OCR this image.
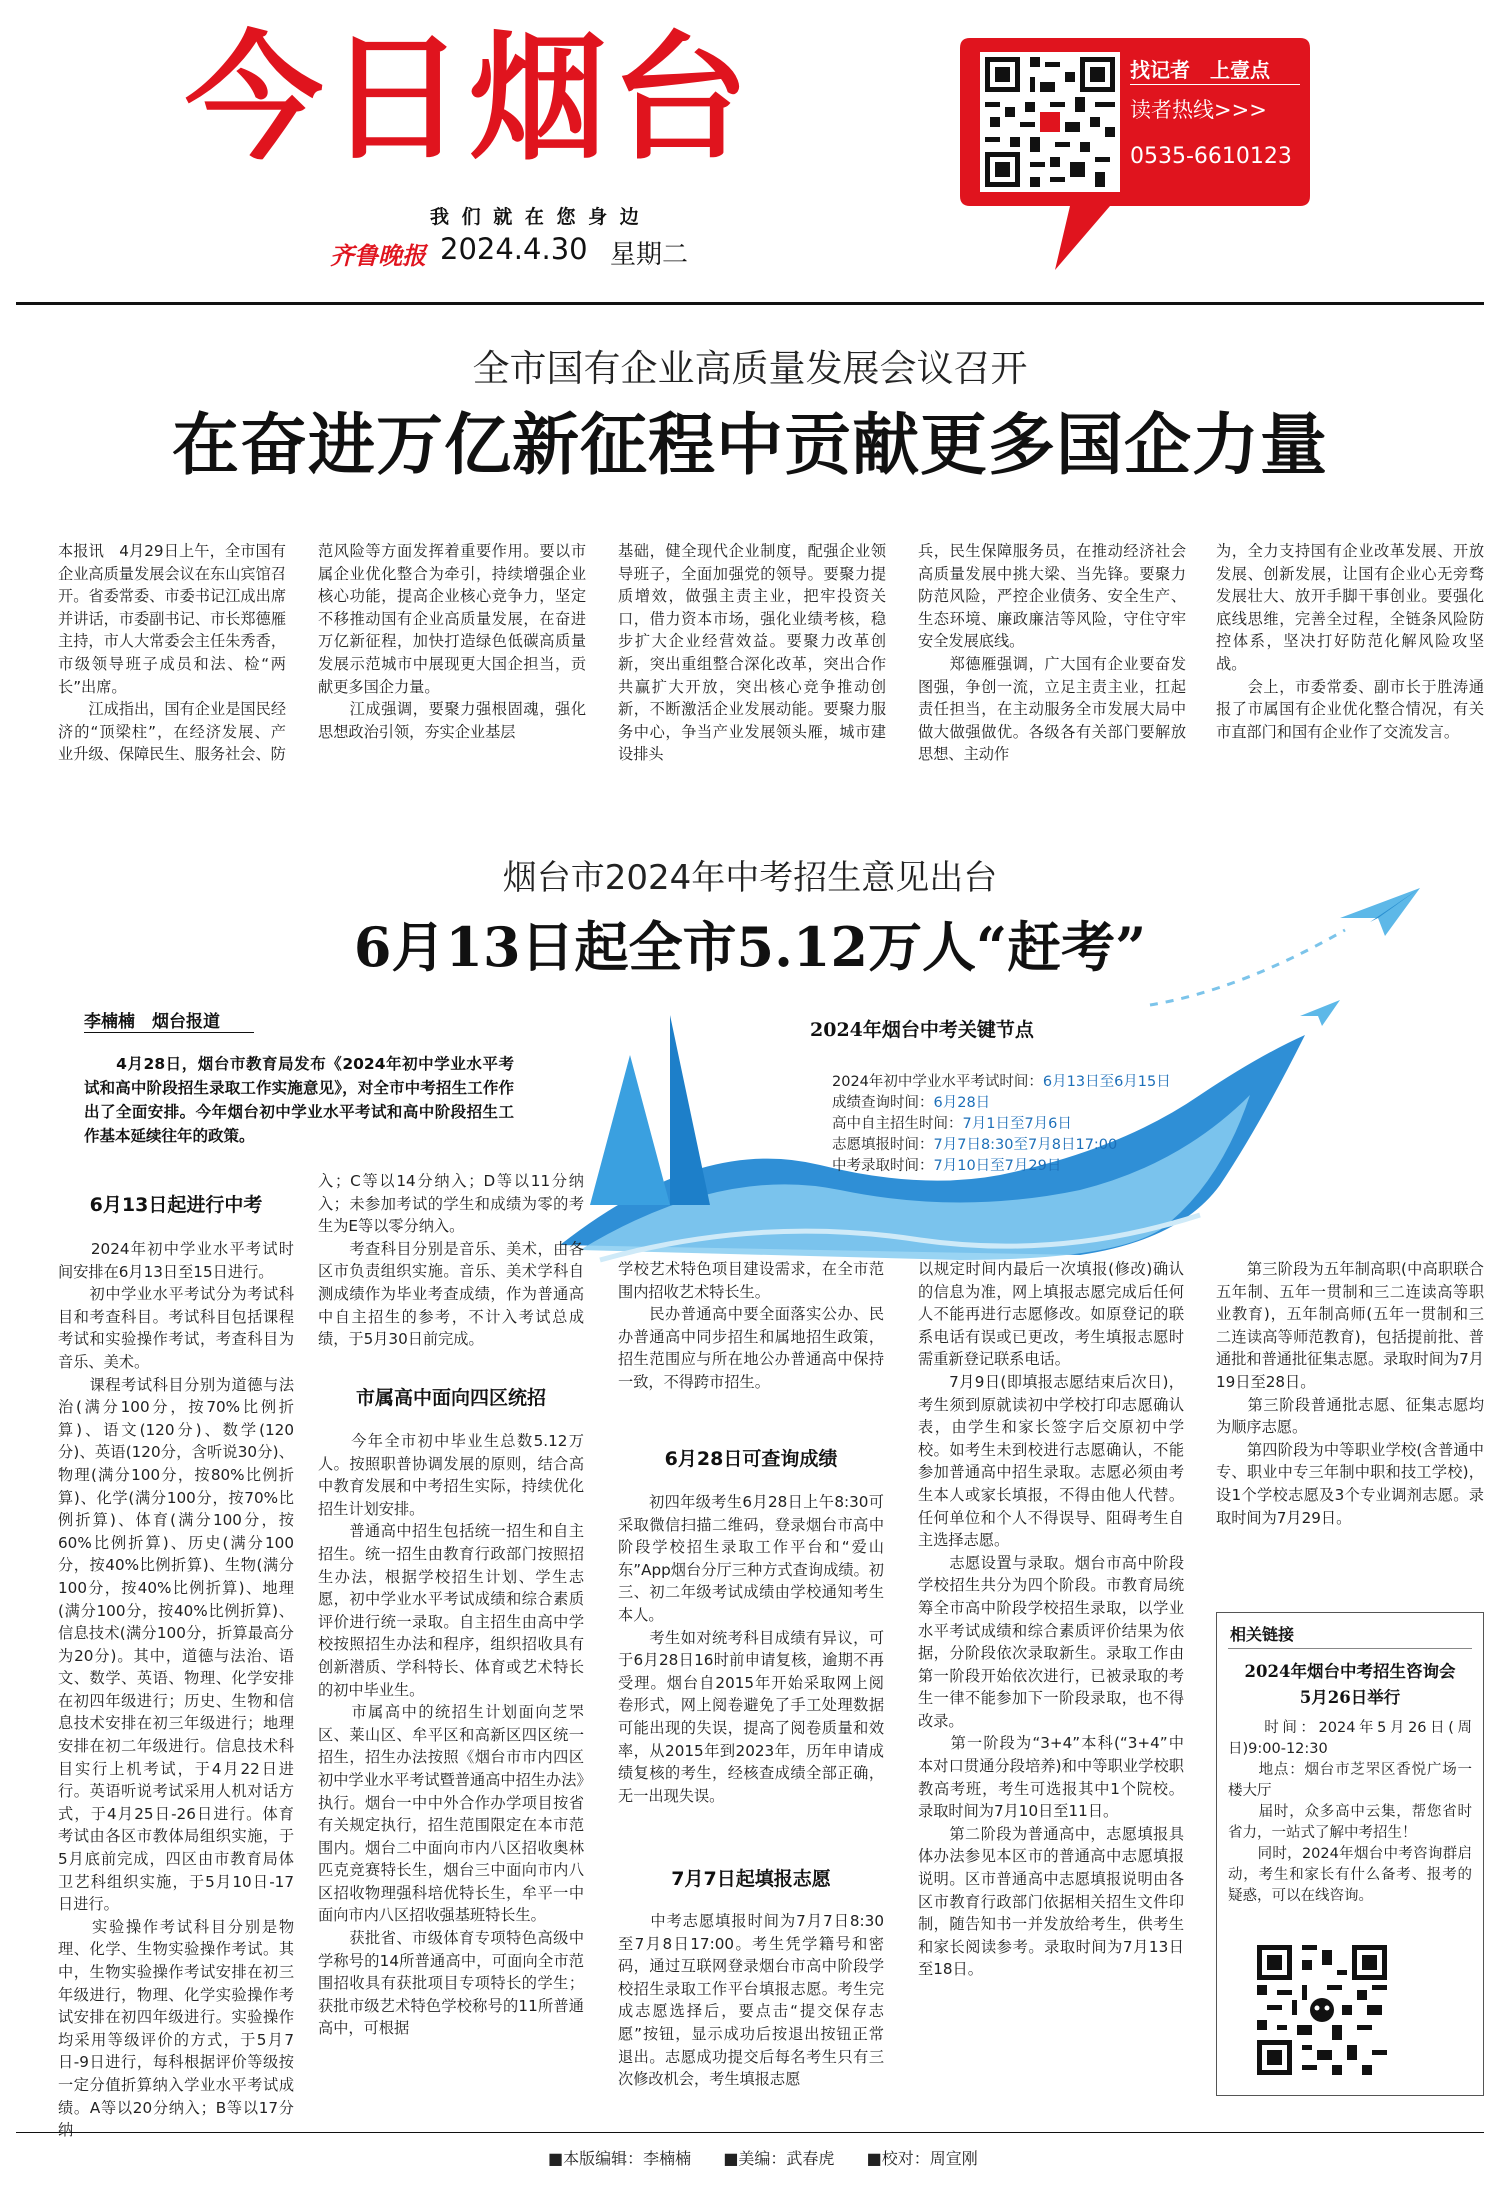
今日烟台
我 们 就 在 您 身 边
齐鲁晚报 2024.4.30 星期二
找记者　上壹点
读者热线>>>
0535-6610123
全市国有企业高质量发展会议召开
在奋进万亿新征程中贡献更多国企力量
本报讯　4月29日上午，全市国有企业高质量发展会议在东山宾馆召开。省委常委、市委书记江成出席并讲话，市委副书记、市长郑德雁主持，市人大常委会主任朱秀香，市级领导班子成员和法、检“两长”出席。
　　江成指出，国有企业是国民经济的“顶梁柱”，在经济发展、产业升级、保障民生、服务社会、防
范风险等方面发挥着重要作用。要以市属企业优化整合为牵引，持续增强企业核心功能，提高企业核心竞争力，坚定不移推动国有企业高质量发展，在奋进万亿新征程，加快打造绿色低碳高质量发展示范城市中展现更大国企担当，贡献更多国企力量。
　　江成强调，要聚力强根固魂，强化思想政治引领，夯实企业基层
基础，健全现代企业制度，配强企业领导班子，全面加强党的领导。要聚力提质增效，做强主责主业，把牢投资关口，借力资本市场，强化业绩考核，稳步扩大企业经营效益。要聚力改革创新，突出重组整合深化改革，突出合作共赢扩大开放，突出核心竞争推动创新，不断激活企业发展动能。要聚力服务中心，争当产业发展领头雁，城市建设排头
兵，民生保障服务员，在推动经济社会高质量发展中挑大梁、当先锋。要聚力防范风险，严控企业债务、安全生产、生态环境、廉政廉洁等风险，守住守牢安全发展底线。
　　郑德雁强调，广大国有企业要奋发图强，争创一流，立足主责主业，扛起责任担当，在主动服务全市发展大局中做大做强做优。各级各有关部门要解放思想、主动作
为，全力支持国有企业改革发展、开放发展、创新发展，让国有企业心无旁骛发展壮大、放开手脚干事创业。要强化底线思维，完善全过程，全链条风险防控体系，坚决打好防范化解风险攻坚战。
　　会上，市委常委、副市长于胜涛通报了市属国有企业优化整合情况，有关市直部门和国有企业作了交流发言。
烟台市2024年中考招生意见出台
6月13日起全市5.12万人“赶考”
李楠楠　烟台报道
　　4月28日，烟台市教育局发布《2024年初中学业水平考试和高中阶段招生录取工作实施意见》，对全市中考招生工作作出了全面安排。今年烟台初中学业水平考试和高中阶段招生工作基本延续往年的政策。
2024年烟台中考关键节点
2024年初中学业水平考试时间：6月13日至6月15日
成绩查询时间：6月28日
高中自主招生时间：7月1日至7月6日
志愿填报时间：7月7日8:30至7月8日17:00
中考录取时间：7月10日至7月29日
6月13日起进行中考
　　2024年初中学业水平考试时间安排在6月13日至15日进行。
　　初中学业水平考试分为考试科目和考查科目。考试科目包括课程考试和实验操作考试，考查科目为音乐、美术。
　　课程考试科目分别为道德与法治(满分100分，按70%比例折算)、语文(120分)、数学(120分)、英语(120分，含听说30分)、物理(满分100分，按80%比例折算)、化学(满分100分，按70%比例折算)、体育(满分100分，按60%比例折算)、历史(满分100分，按40%比例折算)、生物(满分100分，按40%比例折算)、地理(满分100分，按40%比例折算)、信息技术(满分100分，折算最高分为20分)。其中，道德与法治、语文、数学、英语、物理、化学安排在初四年级进行；历史、生物和信息技术安排在初三年级进行；地理安排在初二年级进行。信息技术科目实行上机考试，于4月22日进行。英语听说考试采用人机对话方式，于4月25日-26日进行。体育考试由各区市教体局组织实施，于5月底前完成，四区由市教育局体卫艺科组织实施，于5月10日-17日进行。
　　实验操作考试科目分别是物理、化学、生物实验操作考试。其中，生物实验操作考试安排在初三年级进行，物理、化学实验操作考试安排在初四年级进行。实验操作均采用等级评价的方式，于5月7日-9日进行，每科根据评价等级按一定分值折算纳入学业水平考试成绩。A等以20分纳入；B等以17分纳
入；C等以14分纳入；D等以11分纳入；未参加考试的学生和成绩为零的考生为E等以零分纳入。
　　考查科目分别是音乐、美术，由各区市负责组织实施。音乐、美术学科自测成绩作为毕业考查成绩，作为普通高中自主招生的参考，不计入考试总成绩，于5月30日前完成。
市属高中面向四区统招
　　今年全市初中毕业生总数5.12万人。按照职普协调发展的原则，结合高中教育发展和中考招生实际，持续优化招生计划安排。
　　普通高中招生包括统一招生和自主招生。统一招生由教育行政部门按照招生办法，根据学校招生计划、学生志愿，初中学业水平考试成绩和综合素质评价进行统一录取。自主招生由高中学校按照招生办法和程序，组织招收具有创新潜质、学科特长、体育或艺术特长的初中毕业生。
　　市属高中的统招生计划面向芝罘区、莱山区、牟平区和高新区四区统一招生，招生办法按照《烟台市市内四区初中学业水平考试暨普通高中招生办法》执行。烟台一中中外合作办学项目按省有关规定执行，招生范围限定在本市范围内。烟台二中面向市内八区招收奥林匹克竞赛特长生，烟台三中面向市内八区招收物理强科培优特长生，牟平一中面向市内八区招收强基班特长生。
　　获批省、市级体育专项特色高级中学称号的14所普通高中，可面向全市范围招收具有获批项目专项特长的学生；获批市级艺术特色学校称号的11所普通高中，可根据
学校艺术特色项目建设需求，在全市范围内招收艺术特长生。
　　民办普通高中要全面落实公办、民办普通高中同步招生和属地招生政策，招生范围应与所在地公办普通高中保持一致，不得跨市招生。
6月28日可查询成绩
　　初四年级考生6月28日上午8:30可采取微信扫描二维码，登录烟台市高中阶段学校招生录取工作平台和“爱山东”App烟台分厅三种方式查询成绩。初三、初二年级考试成绩由学校通知考生本人。
　　考生如对统考科目成绩有异议，可于6月28日16时前申请复核，逾期不再受理。烟台自2015年开始采取网上阅卷形式，网上阅卷避免了手工处理数据可能出现的失误，提高了阅卷质量和效率，从2015年到2023年，历年申请成绩复核的考生，经核查成绩全部正确，无一出现失误。
7月7日起填报志愿
　　中考志愿填报时间为7月7日8:30至7月8日17:00。考生凭学籍号和密码，通过互联网登录烟台市高中阶段学校招生录取工作平台填报志愿。考生完成志愿选择后，要点击“提交保存志愿”按钮，显示成功后按退出按钮正常退出。志愿成功提交后每名考生只有三次修改机会，考生填报志愿
以规定时间内最后一次填报(修改)确认的信息为准，网上填报志愿完成后任何人不能再进行志愿修改。如原登记的联系电话有误或已更改，考生填报志愿时需重新登记联系电话。
　　7月9日(即填报志愿结束后次日)，考生须到原就读初中学校打印志愿确认表，由学生和家长签字后交原初中学校。如考生未到校进行志愿确认，不能参加普通高中招生录取。志愿必须由考生本人或家长填报，不得由他人代替。任何单位和个人不得误导、阻碍考生自主选择志愿。
　　志愿设置与录取。烟台市高中阶段学校招生共分为四个阶段。市教育局统筹全市高中阶段学校招生录取，以学业水平考试成绩和综合素质评价结果为依据，分阶段依次录取新生。录取工作由第一阶段开始依次进行，已被录取的考生一律不能参加下一阶段录取，也不得改录。
　　第一阶段为“3+4”本科(“3+4”中本对口贯通分段培养)和中等职业学校职教高考班，考生可选报其中1个院校。录取时间为7月10日至11日。
　　第二阶段为普通高中，志愿填报具体办法参见本区市的普通高中志愿填报说明。区市普通高中志愿填报说明由各区市教育行政部门依据相关招生文件印制，随告知书一并发放给考生，供考生和家长阅读参考。录取时间为7月13日至18日。
　　第三阶段为五年制高职(中高职联合五年制、五年一贯制和三二连读高等职业教育)，五年制高师(五年一贯制和三二连读高等师范教育)，包括提前批、普通批和普通批征集志愿。录取时间为7月19日至28日。
　　第三阶段普通批志愿、征集志愿均为顺序志愿。
　　第四阶段为中等职业学校(含普通中专、职业中专三年制中职和技工学校)，设1个学校志愿及3个专业调剂志愿。录取时间为7月29日。
相关链接
2024年烟台中考招生咨询会
5月26日举行
　　时间：2024年5月26日(周日)9:00-12:30
　　地点：烟台市芝罘区香悦广场一楼大厅
　　届时，众多高中云集，帮您省时省力，一站式了解中考招生！
　　同时，2024年烟台中考咨询群启动，考生和家长有什么备考、报考的疑惑，可以在线咨询。
■本版编辑：李楠楠 ■美编：武春虎 ■校对：周宣刚
